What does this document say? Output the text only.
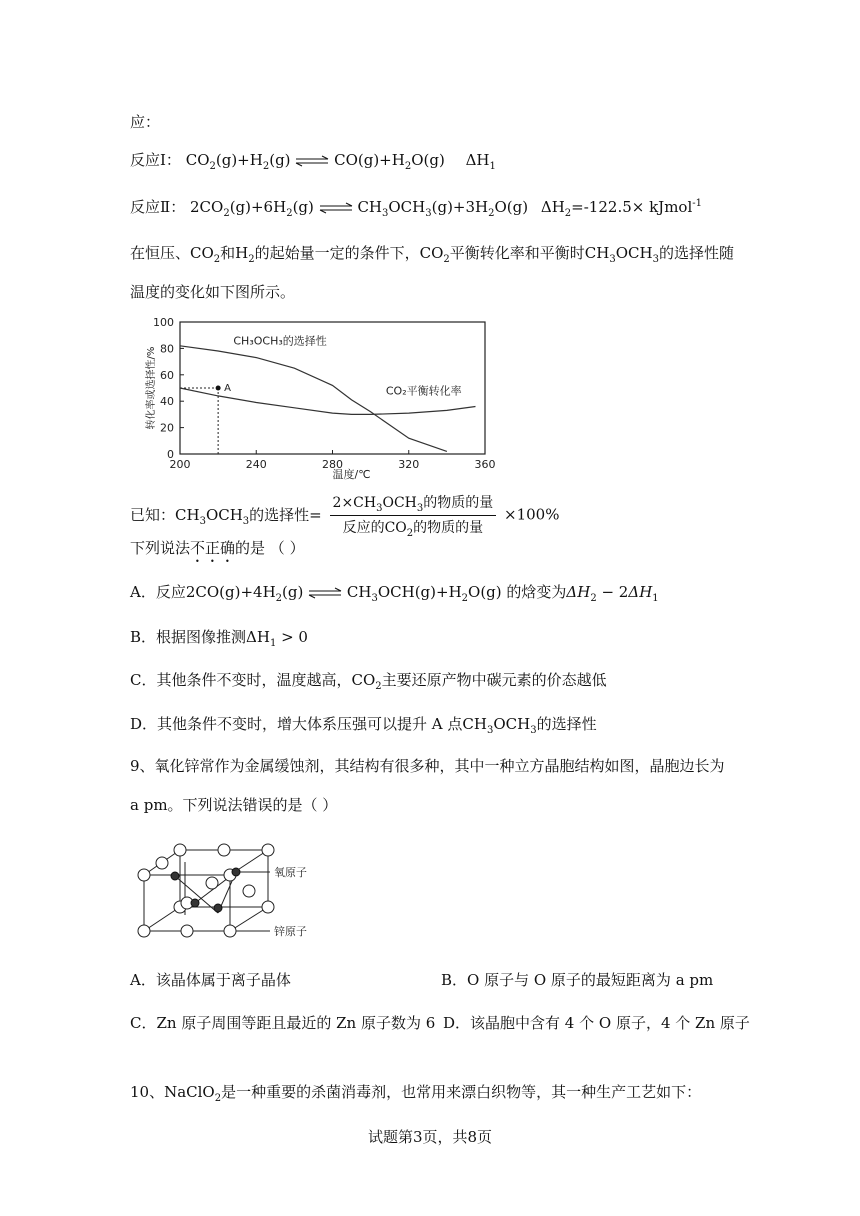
应：
反应Ⅰ： $CO_2(g)+H_2(g)$ ⇌ $CO(g)+H_2O(g)$ $\Delta H_1$
反应Ⅱ： $2CO_2(g)+6H_2(g)$ ⇌ $CH_3OCH_3(g)+3H_2O(g)$ $\Delta H_2=-122.5\times$ kJmol$^{-1}$
在恒压、$CO_2$和$H_2$的起始量一定的条件下，$CO_2$平衡转化率和平衡时$CH_3OCH_3$的选择性随
温度的变化如下图所示。
200	240	280	320	360
0
20
40
60
80
100
温度/℃
转化率或选择性/%
CH₃OCH₃的选择性
CO₂平衡转化率
A
已知：$CH_3OCH_3$的选择性= $\frac{2\times CH_3OCH_3的物质的量}{反应的CO_2的物质的量} \times 100\%$
下列说法不正确的是 （ ）
A．反应$2CO(g)+4H_2(g)$ ⇌ $CH_3OCH(g)+H_2O(g)$ 的焓变为$\Delta H_2 - 2\Delta H_1$
B．根据图像推测$\Delta H_1 > 0$
C．其他条件不变时，温度越高，$CO_2$主要还原产物中碳元素的价态越低
D．其他条件不变时，增大体系压强可以提升 A 点$CH_3OCH_3$的选择性
9、氧化锌常作为金属缓蚀剂，其结构有很多种，其中一种立方晶胞结构如图，晶胞边长为
a pm。下列说法错误的是（ ）
氧原子
锌原子
A．该晶体属于离子晶体	B．O 原子与 O 原子的最短距离为 a pm
C．Zn 原子周围等距且最近的 Zn 原子数为 6 D．该晶胞中含有 4 个 O 原子，4 个 Zn 原子
10、NaClO$_2$是一种重要的杀菌消毒剂，也常用来漂白织物等，其一种生产工艺如下：
试题第3页，共8页
